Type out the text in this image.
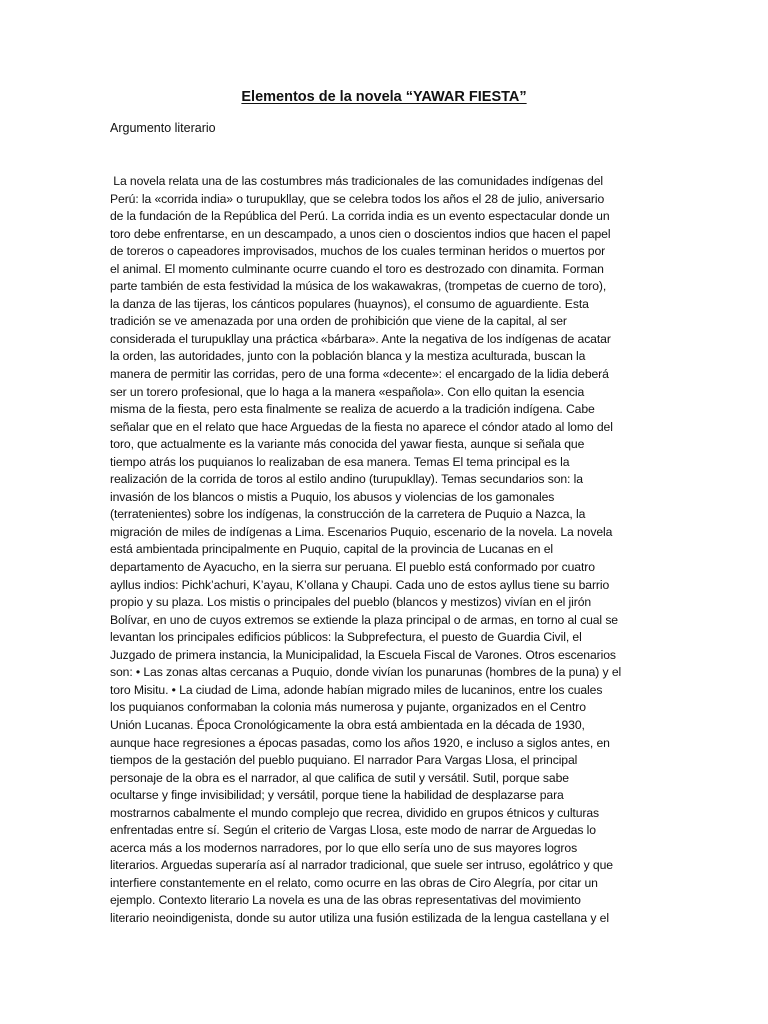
Elementos de la novela “YAWAR FIESTA”

Argumento literario

La novela relata una de las costumbres más tradicionales de las comunidades indígenas del
Perú: la «corrida india» o turupukllay, que se celebra todos los años el 28 de julio, aniversario
de la fundación de la República del Perú. La corrida india es un evento espectacular donde un
toro debe enfrentarse, en un descampado, a unos cien o doscientos indios que hacen el papel
de toreros o capeadores improvisados, muchos de los cuales terminan heridos o muertos por
el animal. El momento culminante ocurre cuando el toro es destrozado con dinamita. Forman
parte también de esta festividad la música de los wakawakras, (trompetas de cuerno de toro),
la danza de las tijeras, los cánticos populares (huaynos), el consumo de aguardiente. Esta
tradición se ve amenazada por una orden de prohibición que viene de la capital, al ser
considerada el turupukllay una práctica «bárbara». Ante la negativa de los indígenas de acatar
la orden, las autoridades, junto con la población blanca y la mestiza aculturada, buscan la
manera de permitir las corridas, pero de una forma «decente»: el encargado de la lidia deberá
ser un torero profesional, que lo haga a la manera «española». Con ello quitan la esencia
misma de la fiesta, pero esta finalmente se realiza de acuerdo a la tradición indígena. Cabe
señalar que en el relato que hace Arguedas de la fiesta no aparece el cóndor atado al lomo del
toro, que actualmente es la variante más conocida del yawar fiesta, aunque si señala que
tiempo atrás los puquianos lo realizaban de esa manera. Temas El tema principal es la
realización de la corrida de toros al estilo andino (turupukllay). Temas secundarios son: la
invasión de los blancos o mistis a Puquio, los abusos y violencias de los gamonales
(terratenientes) sobre los indígenas, la construcción de la carretera de Puquio a Nazca, la
migración de miles de indígenas a Lima. Escenarios Puquio, escenario de la novela. La novela
está ambientada principalmente en Puquio, capital de la provincia de Lucanas en el
departamento de Ayacucho, en la sierra sur peruana. El pueblo está conformado por cuatro
ayllus indios: Pichk’achuri, K’ayau, K’ollana y Chaupi. Cada uno de estos ayllus tiene su barrio
propio y su plaza. Los mistis o principales del pueblo (blancos y mestizos) vivían en el jirón
Bolívar, en uno de cuyos extremos se extiende la plaza principal o de armas, en torno al cual se
levantan los principales edificios públicos: la Subprefectura, el puesto de Guardia Civil, el
Juzgado de primera instancia, la Municipalidad, la Escuela Fiscal de Varones. Otros escenarios
son: • Las zonas altas cercanas a Puquio, donde vivían los punarunas (hombres de la puna) y el
toro Misitu. • La ciudad de Lima, adonde habían migrado miles de lucaninos, entre los cuales
los puquianos conformaban la colonia más numerosa y pujante, organizados en el Centro
Unión Lucanas. Época Cronológicamente la obra está ambientada en la década de 1930,
aunque hace regresiones a épocas pasadas, como los años 1920, e incluso a siglos antes, en
tiempos de la gestación del pueblo puquiano. El narrador Para Vargas Llosa, el principal
personaje de la obra es el narrador, al que califica de sutil y versátil. Sutil, porque sabe
ocultarse y finge invisibilidad; y versátil, porque tiene la habilidad de desplazarse para
mostrarnos cabalmente el mundo complejo que recrea, dividido en grupos étnicos y culturas
enfrentadas entre sí. Según el criterio de Vargas Llosa, este modo de narrar de Arguedas lo
acerca más a los modernos narradores, por lo que ello sería uno de sus mayores logros
literarios. Arguedas superaría así al narrador tradicional, que suele ser intruso, egolátrico y que
interfiere constantemente en el relato, como ocurre en las obras de Ciro Alegría, por citar un
ejemplo. Contexto literario La novela es una de las obras representativas del movimiento
literario neoindigenista, donde su autor utiliza una fusión estilizada de la lengua castellana y el
